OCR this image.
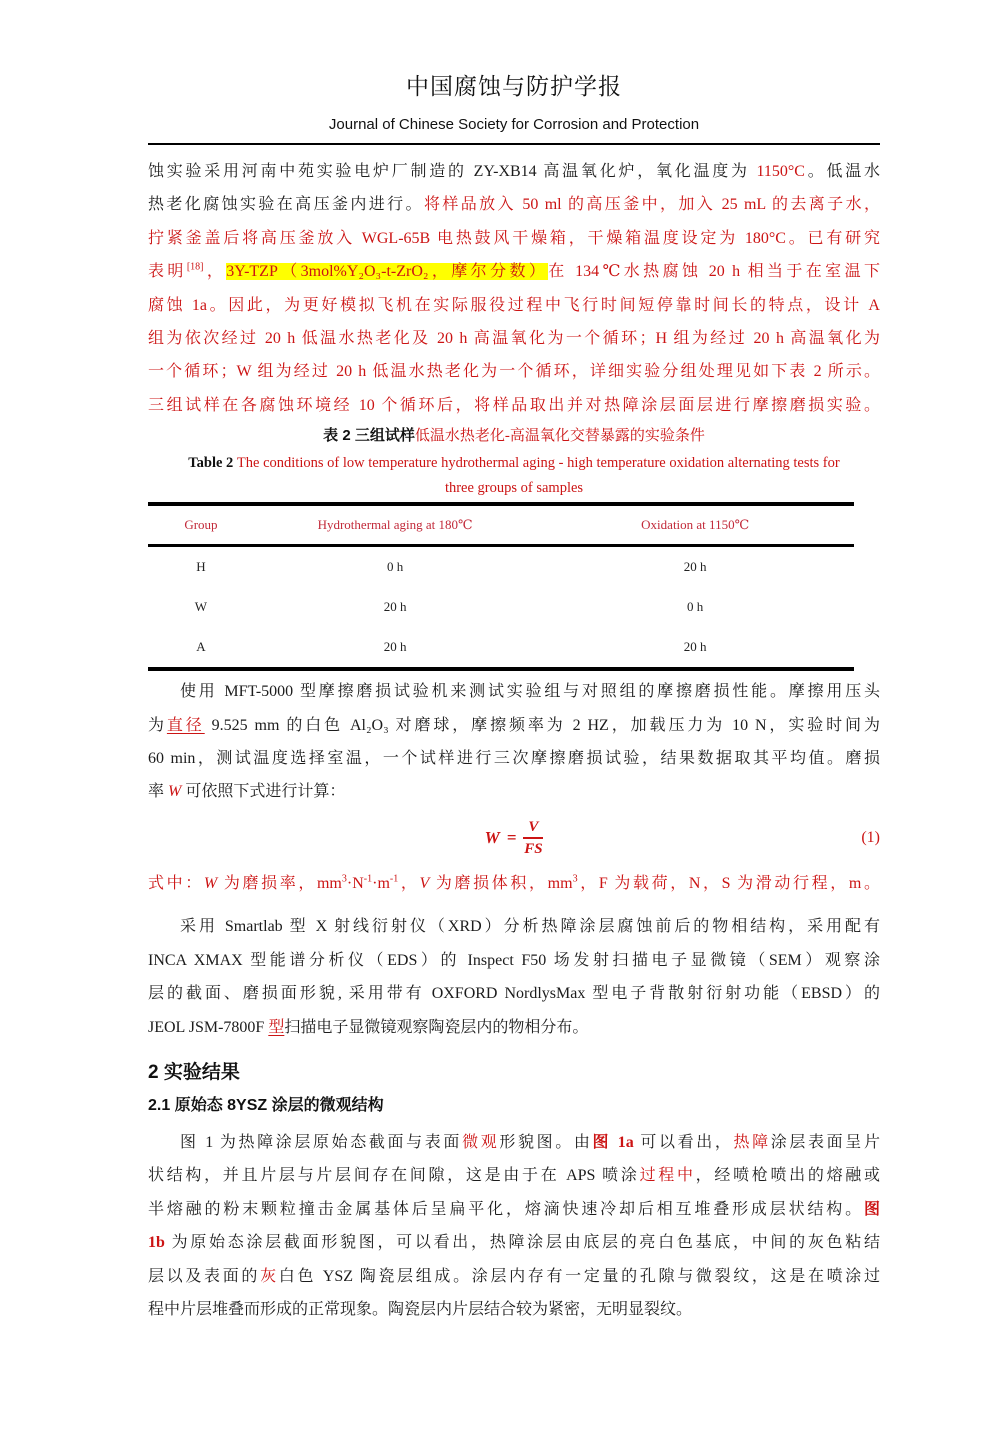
中国腐蚀与防护学报
Journal of Chinese Society for Corrosion and Protection
蚀实验采用河南中苑实验电炉厂制造的 ZY-XB14 高温氧化炉，氧化温度为 1150°C。低温水
热老化腐蚀实验在高压釜内进行。将样品放入 50 ml 的高压釜中，加入 25 mL 的去离子水，
拧紧釜盖后将高压釜放入 WGL-65B 电热鼓风干燥箱，干燥箱温度设定为 180°C。已有研究
表明[18]，3Y-TZP（3mol%Y₂O₃-t-ZrO₂，摩尔分数）在 134℃水热腐蚀 20 h 相当于在室温下
腐蚀 1a。因此，为更好模拟飞机在实际服役过程中飞行时间短停靠时间长的特点，设计 A
组为依次经过 20 h 低温水热老化及 20 h 高温氧化为一个循环；H 组为经过 20 h 高温氧化为
一个循环；W 组为经过 20 h 低温水热老化为一个循环，详细实验分组处理见如下表 2 所示。
三组试样在各腐蚀环境经 10 个循环后，将样品取出并对热障涂层面层进行摩擦磨损实验。
表 2 三组试样低温水热老化-高温氧化交替暴露的实验条件
Table 2 The conditions of low temperature hydrothermal aging - high temperature oxidation alternating tests for
three groups of samples
Group	Hydrothermal aging at 180℃	Oxidation at 1150℃
H	0 h	20 h
W	20 h	0 h
A	20 h	20 h
使用 MFT-5000 型摩擦磨损试验机来测试实验组与对照组的摩擦磨损性能。摩擦用压头
为直径 9.525 mm 的白色 Al₂O₃ 对磨球，摩擦频率为 2 HZ，加载压力为 10 N，实验时间为
60 min，测试温度选择室温，一个试样进行三次摩擦磨损试验，结果数据取其平均值。磨损
率 W 可依照下式进行计算：
$W = \frac{V}{FS}$	(1)
式中：W 为磨损率，$mm^3\cdot N^{-1}\cdot m^{-1}$，V 为磨损体积，$mm^3$，F 为载荷，N，S 为滑动行程，m。
采用 Smartlab 型 X 射线衍射仪（XRD）分析热障涂层腐蚀前后的物相结构，采用配有
INCA XMAX 型能谱分析仪（EDS）的 Inspect F50 场发射扫描电子显微镜（SEM）观察涂
层的截面、磨损面形貌, 采用带有 OXFORD NordlysMax 型电子背散射衍射功能（EBSD）的
JEOL JSM-7800F 型扫描电子显微镜观察陶瓷层内的物相分布。
2 实验结果
2.1 原始态 8YSZ 涂层的微观结构
图 1 为热障涂层原始态截面与表面微观形貌图。由图 1a 可以看出，热障涂层表面呈片
状结构，并且片层与片层间存在间隙，这是由于在 APS 喷涂过程中，经喷枪喷出的熔融或
半熔融的粉末颗粒撞击金属基体后呈扁平化，熔滴快速冷却后相互堆叠形成层状结构。图
1b 为原始态涂层截面形貌图，可以看出，热障涂层由底层的亮白色基底，中间的灰色粘结
层以及表面的灰白色 YSZ 陶瓷层组成。涂层内存有一定量的孔隙与微裂纹，这是在喷涂过
程中片层堆叠而形成的正常现象。陶瓷层内片层结合较为紧密，无明显裂纹。
